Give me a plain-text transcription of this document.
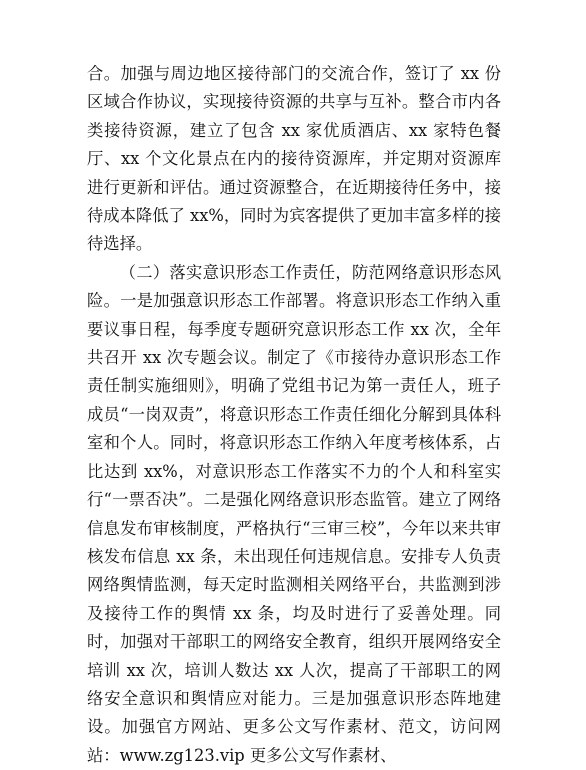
合。加强与周边地区接待部门的交流合作，签订了 xx 份区域合作协议，实现接待资源的共享与互补。整合市内各类接待资源，建立了包含 xx 家优质酒店、xx 家特色餐厅、xx 个文化景点在内的接待资源库，并定期对资源库进行更新和评估。通过资源整合，在近期接待任务中，接待成本降低了 xx%，同时为宾客提供了更加丰富多样的接待选择。

（二）落实意识形态工作责任，防范网络意识形态风险。一是加强意识形态工作部署。将意识形态工作纳入重要议事日程，每季度专题研究意识形态工作 xx 次，全年共召开 xx 次专题会议。制定了《市接待办意识形态工作责任制实施细则》，明确了党组书记为第一责任人，班子成员“一岗双责”，将意识形态工作责任细化分解到具体科室和个人。同时，将意识形态工作纳入年度考核体系，占比达到 xx%，对意识形态工作落实不力的个人和科室实行“一票否决”。二是强化网络意识形态监管。建立了网络信息发布审核制度，严格执行“三审三校”，今年以来共审核发布信息 xx 条，未出现任何违规信息。安排专人负责网络舆情监测，每天定时监测相关网络平台，共监测到涉及接待工作的舆情 xx 条，均及时进行了妥善处理。同时，加强对干部职工的网络安全教育，组织开展网络安全培训 xx 次，培训人数达 xx 人次，提高了干部职工的网络安全意识和舆情应对能力。三是加强意识形态阵地建设。加强官方网站、更多公文写作素材、范文，访问网站：www.zg123.vip 更多公文写作素材、
